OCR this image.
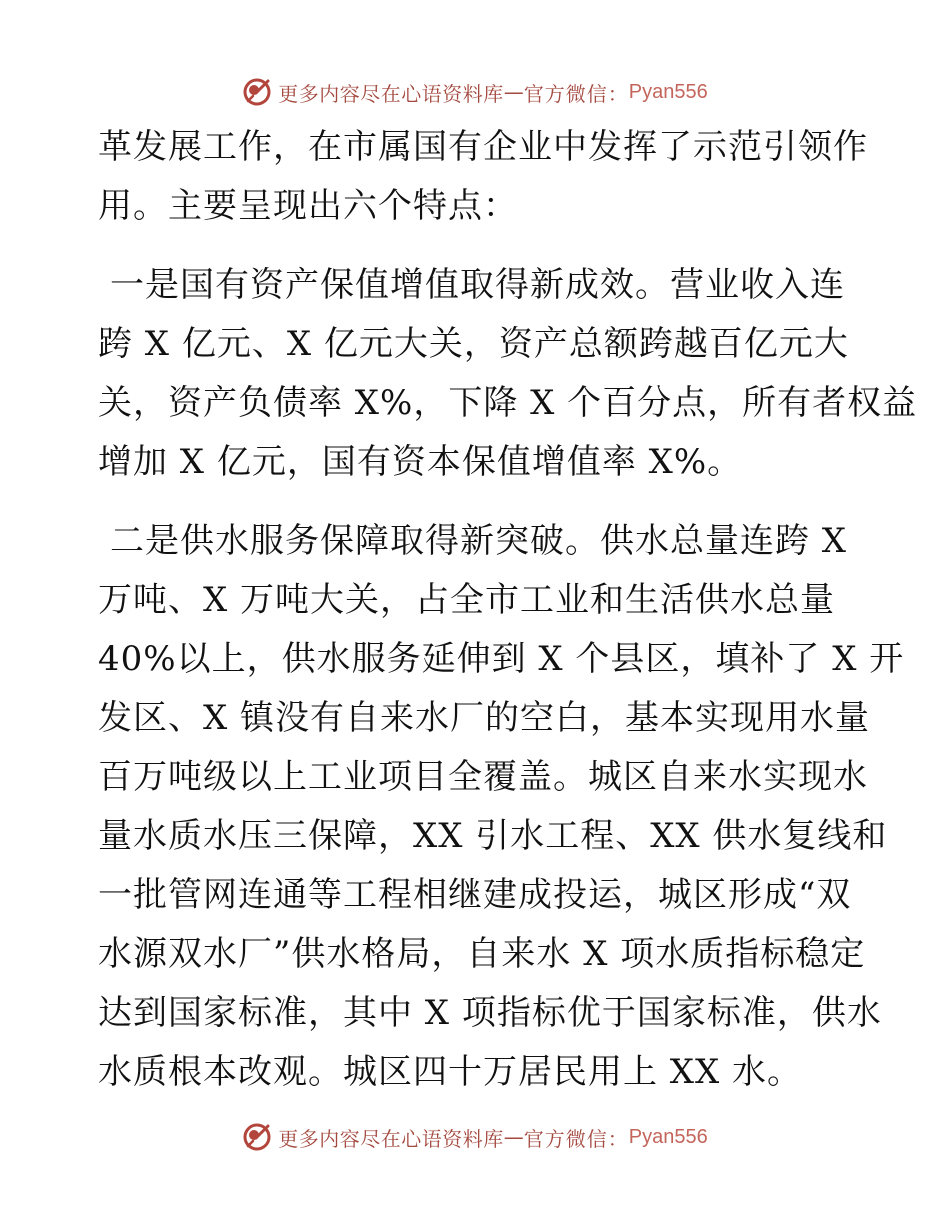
更多内容尽在心语资料库 — 官方微信： Pyan556

革发展工作，在市属国有企业中发挥了示范引领作
用。主要呈现出六个特点：

一是国有资产保值增值取得新成效。营业收入连
跨 X 亿元、X 亿元大关，资产总额跨越百亿元大
关，资产负债率 X%，下降 X 个百分点，所有者权益
增加 X 亿元，国有资本保值增值率 X%。

二是供水服务保障取得新突破。供水总量连跨 X
万吨、X 万吨大关，占全市工业和生活供水总量
40%以上，供水服务延伸到 X 个县区，填补了 X 开
发区、X 镇没有自来水厂的空白，基本实现用水量
百万吨级以上工业项目全覆盖。城区自来水实现水
量水质水压三保障，XX 引水工程、XX 供水复线和
一批管网连通等工程相继建成投运，城区形成“双
水源双水厂”供水格局，自来水 X 项水质指标稳定
达到国家标准，其中 X 项指标优于国家标准，供水
水质根本改观。城区四十万居民用上 XX 水。

更多内容尽在心语资料库 — 官方微信： Pyan556
